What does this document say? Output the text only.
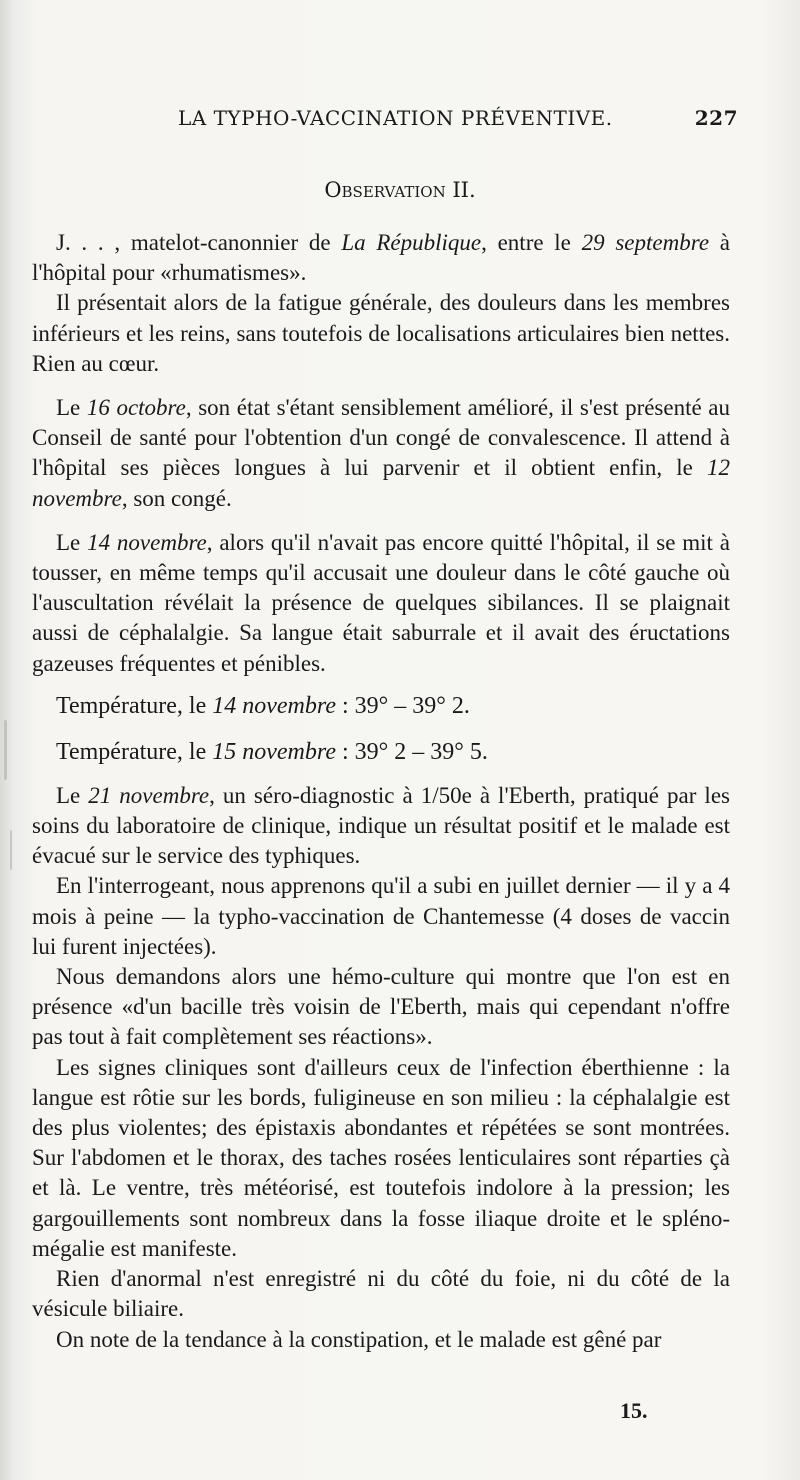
LA TYPHO-VACCINATION PRÉVENTIVE.	227
Observation II.

J. . . , matelot-canonnier de La République, entre le 29 septembre à l'hôpital pour «rhumatismes».

Il présentait alors de la fatigue générale, des douleurs dans les membres inférieurs et les reins, sans toutefois de localisations articulaires bien nettes. Rien au cœur.

Le 16 octobre, son état s'étant sensiblement amélioré, il s'est présenté au Conseil de santé pour l'obtention d'un congé de convalescence. Il attend à l'hôpital ses pièces longues à lui parvenir et il obtient enfin, le 12 novembre, son congé.

Le 14 novembre, alors qu'il n'avait pas encore quitté l'hôpital, il se mit à tousser, en même temps qu'il accusait une douleur dans le côté gauche où l'auscultation révélait la présence de quelques sibilances. Il se plaignait aussi de céphalalgie. Sa langue était saburrale et il avait des éructations gazeuses fréquentes et pénibles.

Température, le 14 novembre : 39° – 39° 2.

Température, le 15 novembre : 39° 2 – 39° 5.

Le 21 novembre, un séro-diagnostic à 1/50e à l'Eberth, pratiqué par les soins du laboratoire de clinique, indique un résultat positif et le malade est évacué sur le service des typhiques.

En l'interrogeant, nous apprenons qu'il a subi en juillet dernier — il y a 4 mois à peine — la typho-vaccination de Chantemesse (4 doses de vaccin lui furent injectées).

Nous demandons alors une hémo-culture qui montre que l'on est en présence «d'un bacille très voisin de l'Eberth, mais qui cependant n'offre pas tout à fait complètement ses réactions».

Les signes cliniques sont d'ailleurs ceux de l'infection éberthienne : la langue est rôtie sur les bords, fuligineuse en son milieu : la céphalalgie est des plus violentes; des épistaxis abondantes et répétées se sont montrées. Sur l'abdomen et le thorax, des taches rosées lenticulaires sont réparties çà et là. Le ventre, très météorisé, est toutefois indolore à la pression; les gargouillements sont nombreux dans la fosse iliaque droite et le spléno-mégalie est manifeste.

Rien d'anormal n'est enregistré ni du côté du foie, ni du côté de la vésicule biliaire.

On note de la tendance à la constipation, et le malade est gêné par

15.
